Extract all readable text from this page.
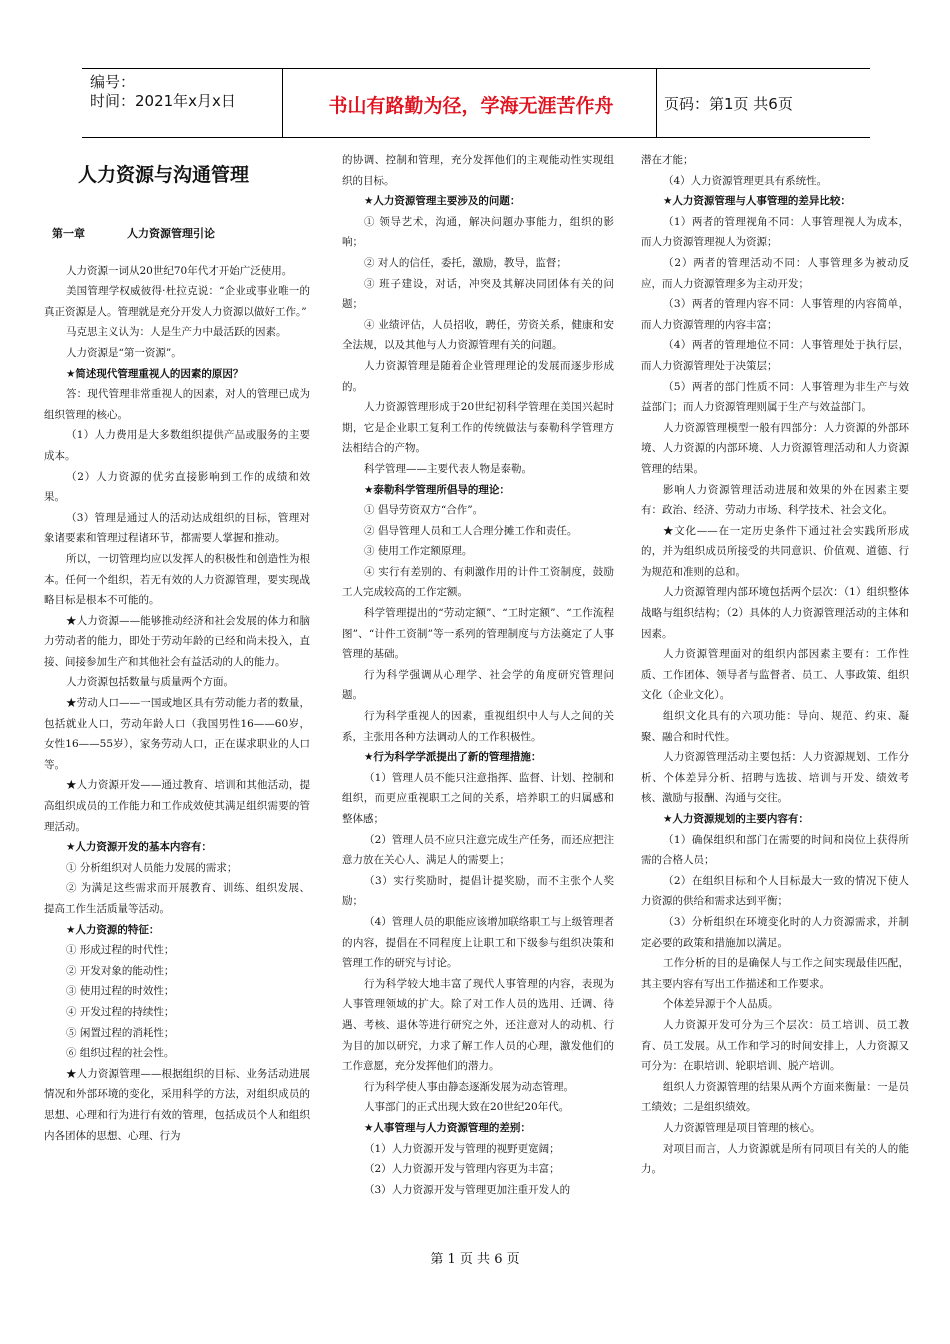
编号：
时间：2021年x月x日	书山有路勤为径，学海无涯苦作舟	页码：第1页 共6页
人力资源与沟通管理
第一章	人力资源管理引论

人力资源一词从20世纪70年代才开始广泛使用。

美国管理学权威彼得·杜拉克说：“企业或事业唯一的真正资源是人。管理就是充分开发人力资源以做好工作。”

马克思主义认为：人是生产力中最活跃的因素。

人力资源是“第一资源”。

★简述现代管理重视人的因素的原因？

答：现代管理非常重视人的因素，对人的管理已成为组织管理的核心。

（1）人力费用是大多数组织提供产品或服务的主要成本。

（2）人力资源的优劣直接影响到工作的成绩和效果。

（3）管理是通过人的活动达成组织的目标，管理对象诸要素和管理过程诸环节，都需要人掌握和推动。

所以，一切管理均应以发挥人的积极性和创造性为根本。任何一个组织，若无有效的人力资源管理，要实现战略目标是根本不可能的。

★人力资源——能够推动经济和社会发展的体力和脑力劳动者的能力，即处于劳动年龄的已经和尚未投入，直接、间接参加生产和其他社会有益活动的人的能力。

人力资源包括数量与质量两个方面。

★劳动人口——一国或地区具有劳动能力者的数量，包括就业人口，劳动年龄人口（我国男性16——60岁，女性16——55岁），家务劳动人口，正在谋求职业的人口等。

★人力资源开发——通过教育、培训和其他活动，提高组织成员的工作能力和工作成效使其满足组织需要的管理活动。

★人力资源开发的基本内容有：

① 分析组织对人员能力发展的需求；

② 为满足这些需求而开展教育、训练、组织发展、提高工作生活质量等活动。

★人力资源的特征：

① 形成过程的时代性；

② 开发对象的能动性；

③ 使用过程的时效性；

④ 开发过程的持续性；

⑤ 闲置过程的消耗性；

⑥ 组织过程的社会性。

★人力资源管理——根据组织的目标、业务活动进展情况和外部环境的变化，采用科学的方法，对组织成员的思想、心理和行为进行有效的管理，包括成员个人和组织内各团体的思想、心理、行为

的协调、控制和管理，充分发挥他们的主观能动性实现组织的目标。

★人力资源管理主要涉及的问题：

① 领导艺术，沟通，解决问题办事能力，组织的影响；

② 对人的信任，委托，激励，教导，监督；

③ 班子建设，对话，冲突及其解决同团体有关的问题；

④ 业绩评估，人员招收，聘任，劳资关系，健康和安全法规，以及其他与人力资源管理有关的问题。

人力资源管理是随着企业管理理论的发展而逐步形成的。

人力资源管理形成于20世纪初科学管理在美国兴起时期，它是企业职工复利工作的传统做法与泰勒科学管理方法相结合的产物。

科学管理——主要代表人物是泰勒。

★泰勒科学管理所倡导的理论：

① 倡导劳资双方“合作”。

② 倡导管理人员和工人合理分摊工作和责任。

③ 使用工作定额原理。

④ 实行有差别的、有刺激作用的计件工资制度，鼓励工人完成较高的工作定额。

科学管理提出的“劳动定额”、“工时定额”、“工作流程图”、“计件工资制”等一系列的管理制度与方法奠定了人事管理的基础。

行为科学强调从心理学、社会学的角度研究管理问题。

行为科学重视人的因素，重视组织中人与人之间的关系，主张用各种方法调动人的工作积极性。

★行为科学学派提出了新的管理措施：

（1）管理人员不能只注意指挥、监督、计划、控制和组织，而更应重视职工之间的关系，培养职工的归属感和整体感；

（2）管理人员不应只注意完成生产任务，而还应把注意力放在关心人、满足人的需要上；

（3）实行奖励时，提倡计提奖励，而不主张个人奖励；

（4）管理人员的职能应该增加联络职工与上级管理者的内容，提倡在不同程度上让职工和下级参与组织决策和管理工作的研究与讨论。

行为科学较大地丰富了现代人事管理的内容，表现为人事管理领域的扩大。除了对工作人员的选用、迁调、待遇、考核、退休等进行研究之外，还注意对人的动机、行为目的加以研究，力求了解工作人员的心理，激发他们的工作意愿，充分发挥他们的潜力。

行为科学使人事由静态逐渐发展为动态管理。

人事部门的正式出现大致在20世纪20年代。

★人事管理与人力资源管理的差别：

（1）人力资源开发与管理的视野更宽阔；

（2）人力资源开发与管理内容更为丰富；

（3）人力资源开发与管理更加注重开发人的

潜在才能；

（4）人力资源管理更具有系统性。

★人力资源管理与人事管理的差异比较：

（1）两者的管理视角不同：人事管理视人为成本，而人力资源管理视人为资源；

（2）两者的管理活动不同：人事管理多为被动反应，而人力资源管理多为主动开发；

（3）两者的管理内容不同：人事管理的内容简单，而人力资源管理的内容丰富；

（4）两者的管理地位不同：人事管理处于执行层，而人力资源管理处于决策层；

（5）两者的部门性质不同：人事管理为非生产与效益部门；而人力资源管理则属于生产与效益部门。

人力资源管理模型一般有四部分：人力资源的外部环境、人力资源的内部环境、人力资源管理活动和人力资源管理的结果。

影响人力资源管理活动进展和效果的外在因素主要有：政治、经济、劳动力市场、科学技术、社会文化。

★文化——在一定历史条件下通过社会实践所形成的，并为组织成员所接受的共同意识、价值观、道德、行为规范和准则的总和。

人力资源管理内部环境包括两个层次：（1）组织整体战略与组织结构；（2）具体的人力资源管理活动的主体和因素。

人力资源管理面对的组织内部因素主要有：工作性质、工作团体、领导者与监督者、员工、人事政策、组织文化（企业文化）。

组织文化具有的六项功能：导向、规范、约束、凝聚、融合和时代性。

人力资源管理活动主要包括：人力资源规划、工作分析、个体差异分析、招聘与选拔、培训与开发、绩效考核、激励与报酬、沟通与交往。

★人力资源规划的主要内容有：

（1）确保组织和部门在需要的时间和岗位上获得所需的合格人员；

（2）在组织目标和个人目标最大一致的情况下使人力资源的供给和需求达到平衡；

（3）分析组织在环境变化时的人力资源需求，并制定必要的政策和措施加以满足。

工作分析的目的是确保人与工作之间实现最佳匹配，其主要内容有写出工作描述和工作要求。

个体差异源于个人品质。

人力资源开发可分为三个层次：员工培训、员工教育、员工发展。从工作和学习的时间安排上，人力资源又可分为：在职培训、轮职培训、脱产培训。

组织人力资源管理的结果从两个方面来衡量：一是员工绩效；二是组织绩效。

人力资源管理是项目管理的核心。

对项目而言，人力资源就是所有同项目有关的人的能力。

第 1 页 共 6 页
